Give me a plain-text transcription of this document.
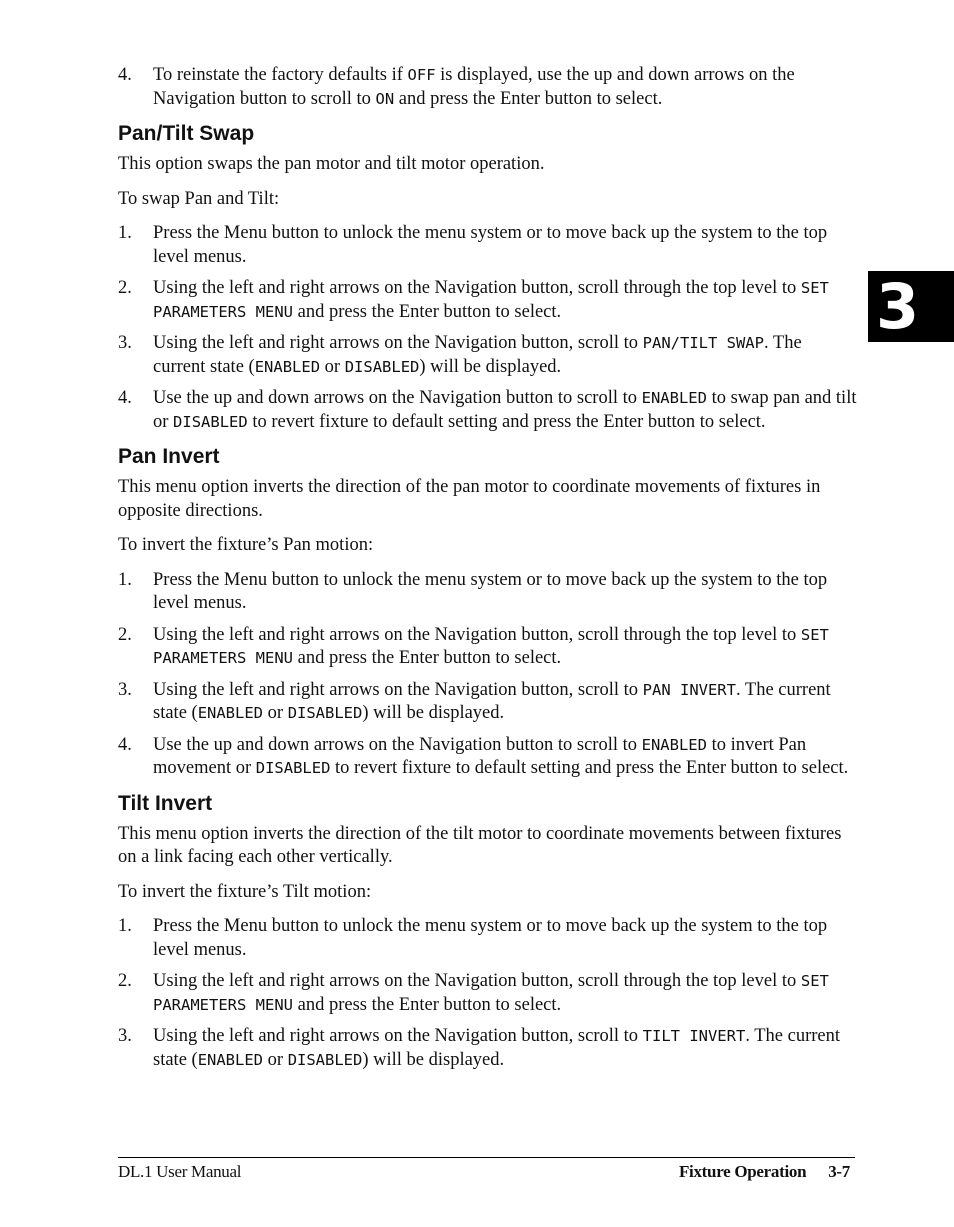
3
4. To reinstate the factory defaults if OFF is displayed, use the up and down arrows on the Navigation button to scroll to ON and press the Enter button to select.
Pan/Tilt Swap

This option swaps the pan motor and tilt motor operation.

To swap Pan and Tilt:

1. Press the Menu button to unlock the menu system or to move back up the system to the top level menus.
2. Using the left and right arrows on the Navigation button, scroll through the top level to SET PARAMETERS MENU and press the Enter button to select.
3. Using the left and right arrows on the Navigation button, scroll to PAN/TILT SWAP. The current state (ENABLED or DISABLED) will be displayed.
4. Use the up and down arrows on the Navigation button to scroll to ENABLED to swap pan and tilt or DISABLED to revert fixture to default setting and press the Enter button to select.
Pan Invert

This menu option inverts the direction of the pan motor to coordinate movements of fixtures in opposite directions.

To invert the fixture’s Pan motion:

1. Press the Menu button to unlock the menu system or to move back up the system to the top level menus.
2. Using the left and right arrows on the Navigation button, scroll through the top level to SET PARAMETERS MENU and press the Enter button to select.
3. Using the left and right arrows on the Navigation button, scroll to PAN INVERT. The current state (ENABLED or DISABLED) will be displayed.
4. Use the up and down arrows on the Navigation button to scroll to ENABLED to invert Pan movement or DISABLED to revert fixture to default setting and press the Enter button to select.
Tilt Invert

This menu option inverts the direction of the tilt motor to coordinate movements between fixtures on a link facing each other vertically.

To invert the fixture’s Tilt motion:

1. Press the Menu button to unlock the menu system or to move back up the system to the top level menus.
2. Using the left and right arrows on the Navigation button, scroll through the top level to SET PARAMETERS MENU and press the Enter button to select.
3. Using the left and right arrows on the Navigation button, scroll to TILT INVERT. The current state (ENABLED or DISABLED) will be displayed.
DL.1 User Manual	Fixture Operation 3-7
